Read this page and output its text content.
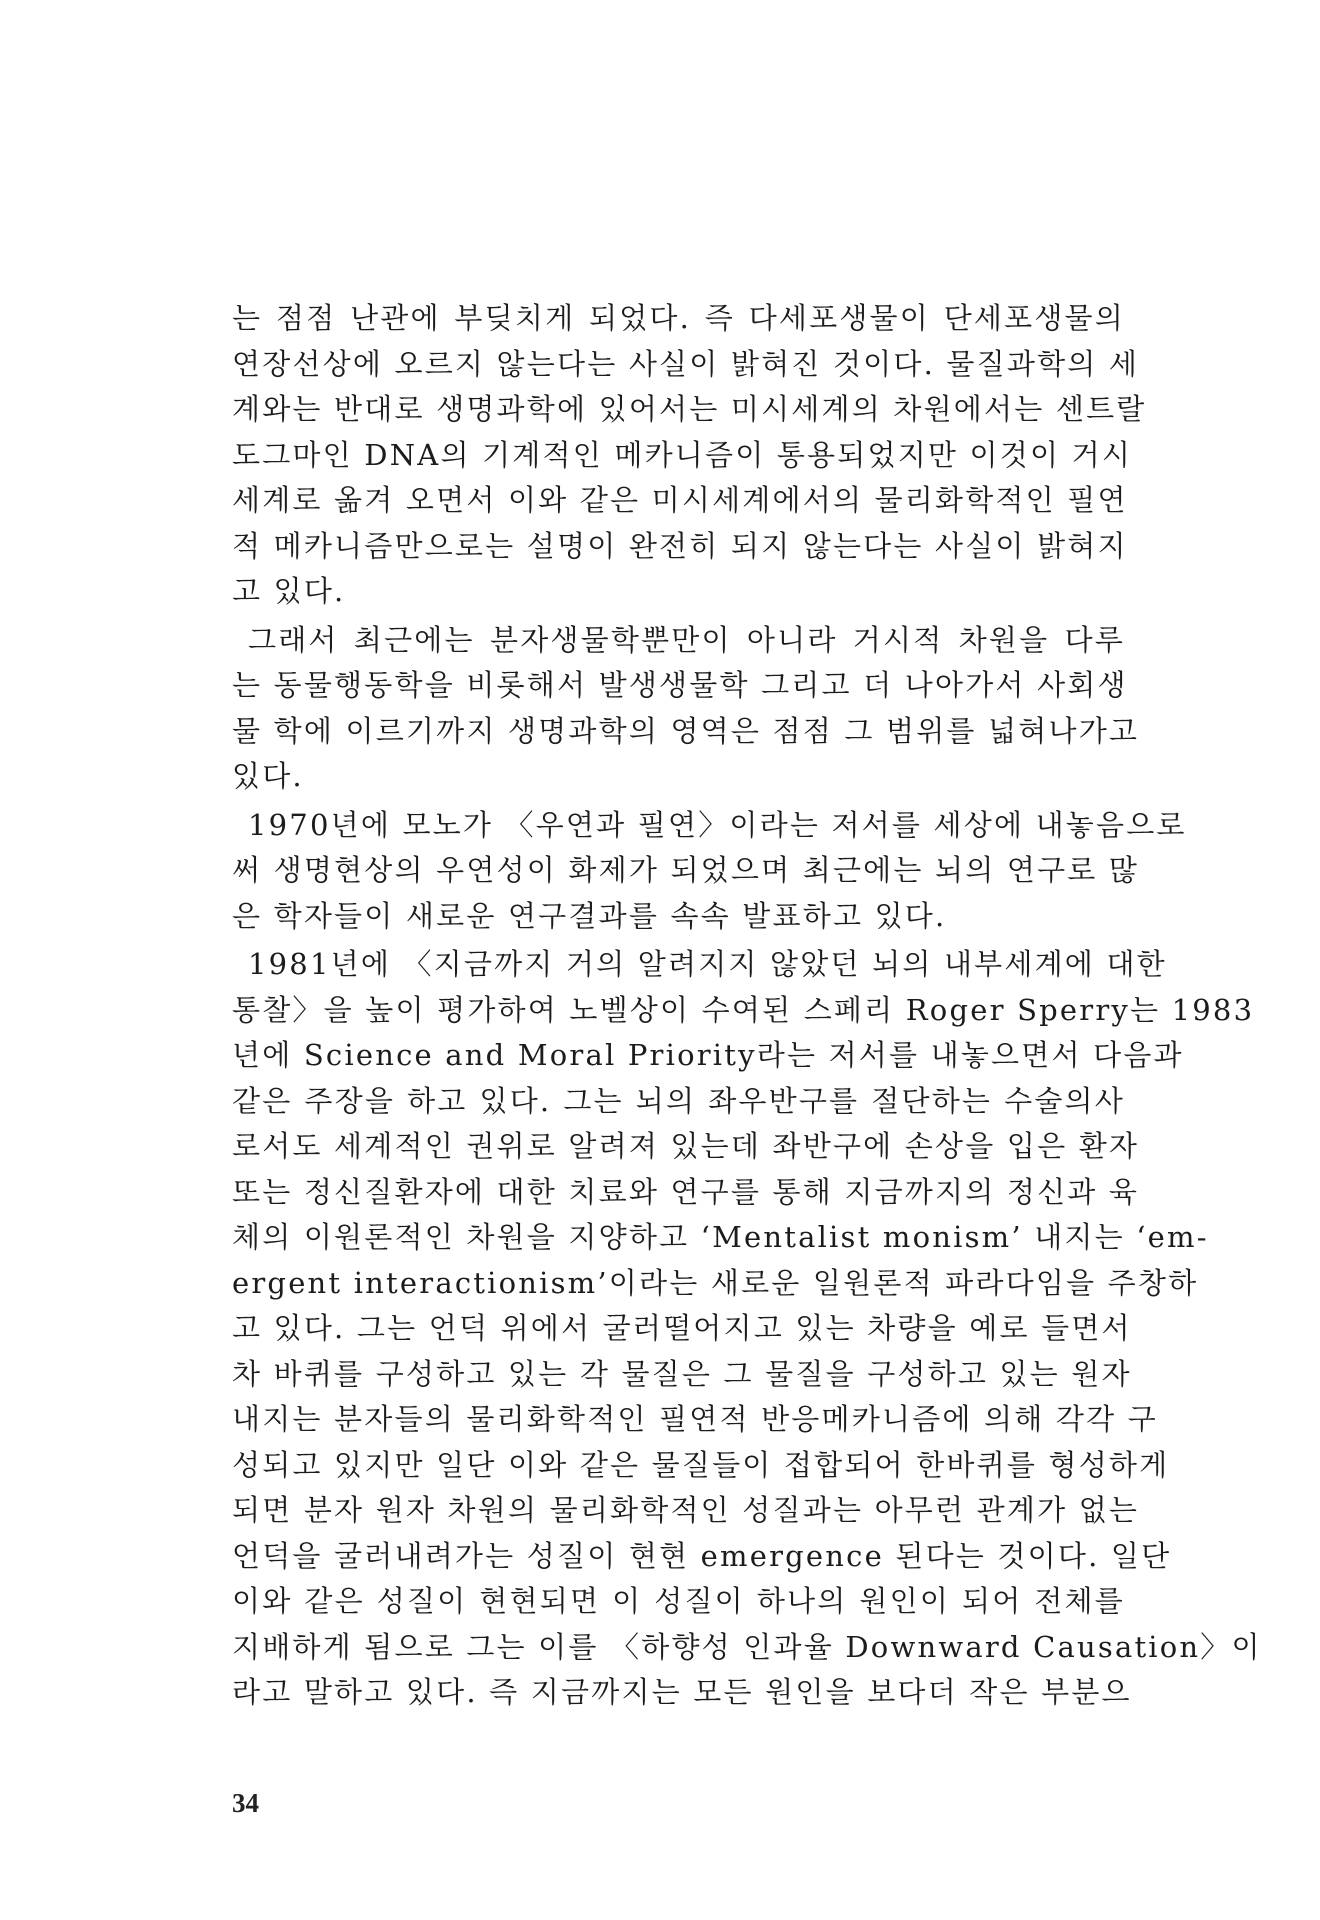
는 점점 난관에 부딪치게 되었다. 즉 다세포생물이 단세포생물의
연장선상에 오르지 않는다는 사실이 밝혀진 것이다. 물질과학의 세
계와는 반대로 생명과학에 있어서는 미시세계의 차원에서는 센트랄
도그마인 DNA의 기계적인 메카니즘이 통용되었지만 이것이 거시
세계로 옮겨 오면서 이와 같은 미시세계에서의 물리화학적인 필연
적 메카니즘만으로는 설명이 완전히 되지 않는다는 사실이 밝혀지
고 있다.
그래서 최근에는 분자생물학뿐만이 아니라 거시적 차원을 다루
는 동물행동학을 비롯해서 발생생물학 그리고 더 나아가서 사회생
물 학에 이르기까지 생명과학의 영역은 점점 그 범위를 넓혀나가고
있다.
1970년에 모노가 〈우연과 필연〉이라는 저서를 세상에 내놓음으로
써 생명현상의 우연성이 화제가 되었으며 최근에는 뇌의 연구로 많
은 학자들이 새로운 연구결과를 속속 발표하고 있다.
1981년에 〈지금까지 거의 알려지지 않았던 뇌의 내부세계에 대한
통찰〉을 높이 평가하여 노벨상이 수여된 스페리 Roger Sperry는 1983
년에 Science and Moral Priority라는 저서를 내놓으면서 다음과
같은 주장을 하고 있다. 그는 뇌의 좌우반구를 절단하는 수술의사
로서도 세계적인 권위로 알려져 있는데 좌반구에 손상을 입은 환자
또는 정신질환자에 대한 치료와 연구를 통해 지금까지의 정신과 육
체의 이원론적인 차원을 지양하고 ‘Mentalist monism’ 내지는 ‘em-
ergent interactionism’이라는 새로운 일원론적 파라다임을 주창하
고 있다. 그는 언덕 위에서 굴러떨어지고 있는 차량을 예로 들면서
차 바퀴를 구성하고 있는 각 물질은 그 물질을 구성하고 있는 원자
내지는 분자들의 물리화학적인 필연적 반응메카니즘에 의해 각각 구
성되고 있지만 일단 이와 같은 물질들이 접합되어 한바퀴를 형성하게
되면 분자 원자 차원의 물리화학적인 성질과는 아무런 관계가 없는
언덕을 굴러내려가는 성질이 현현 emergence 된다는 것이다. 일단
이와 같은 성질이 현현되면 이 성질이 하나의 원인이 되어 전체를
지배하게 됨으로 그는 이를 〈하향성 인과율 Downward Causation〉이
라고 말하고 있다. 즉 지금까지는 모든 원인을 보다더 작은 부분으
34
